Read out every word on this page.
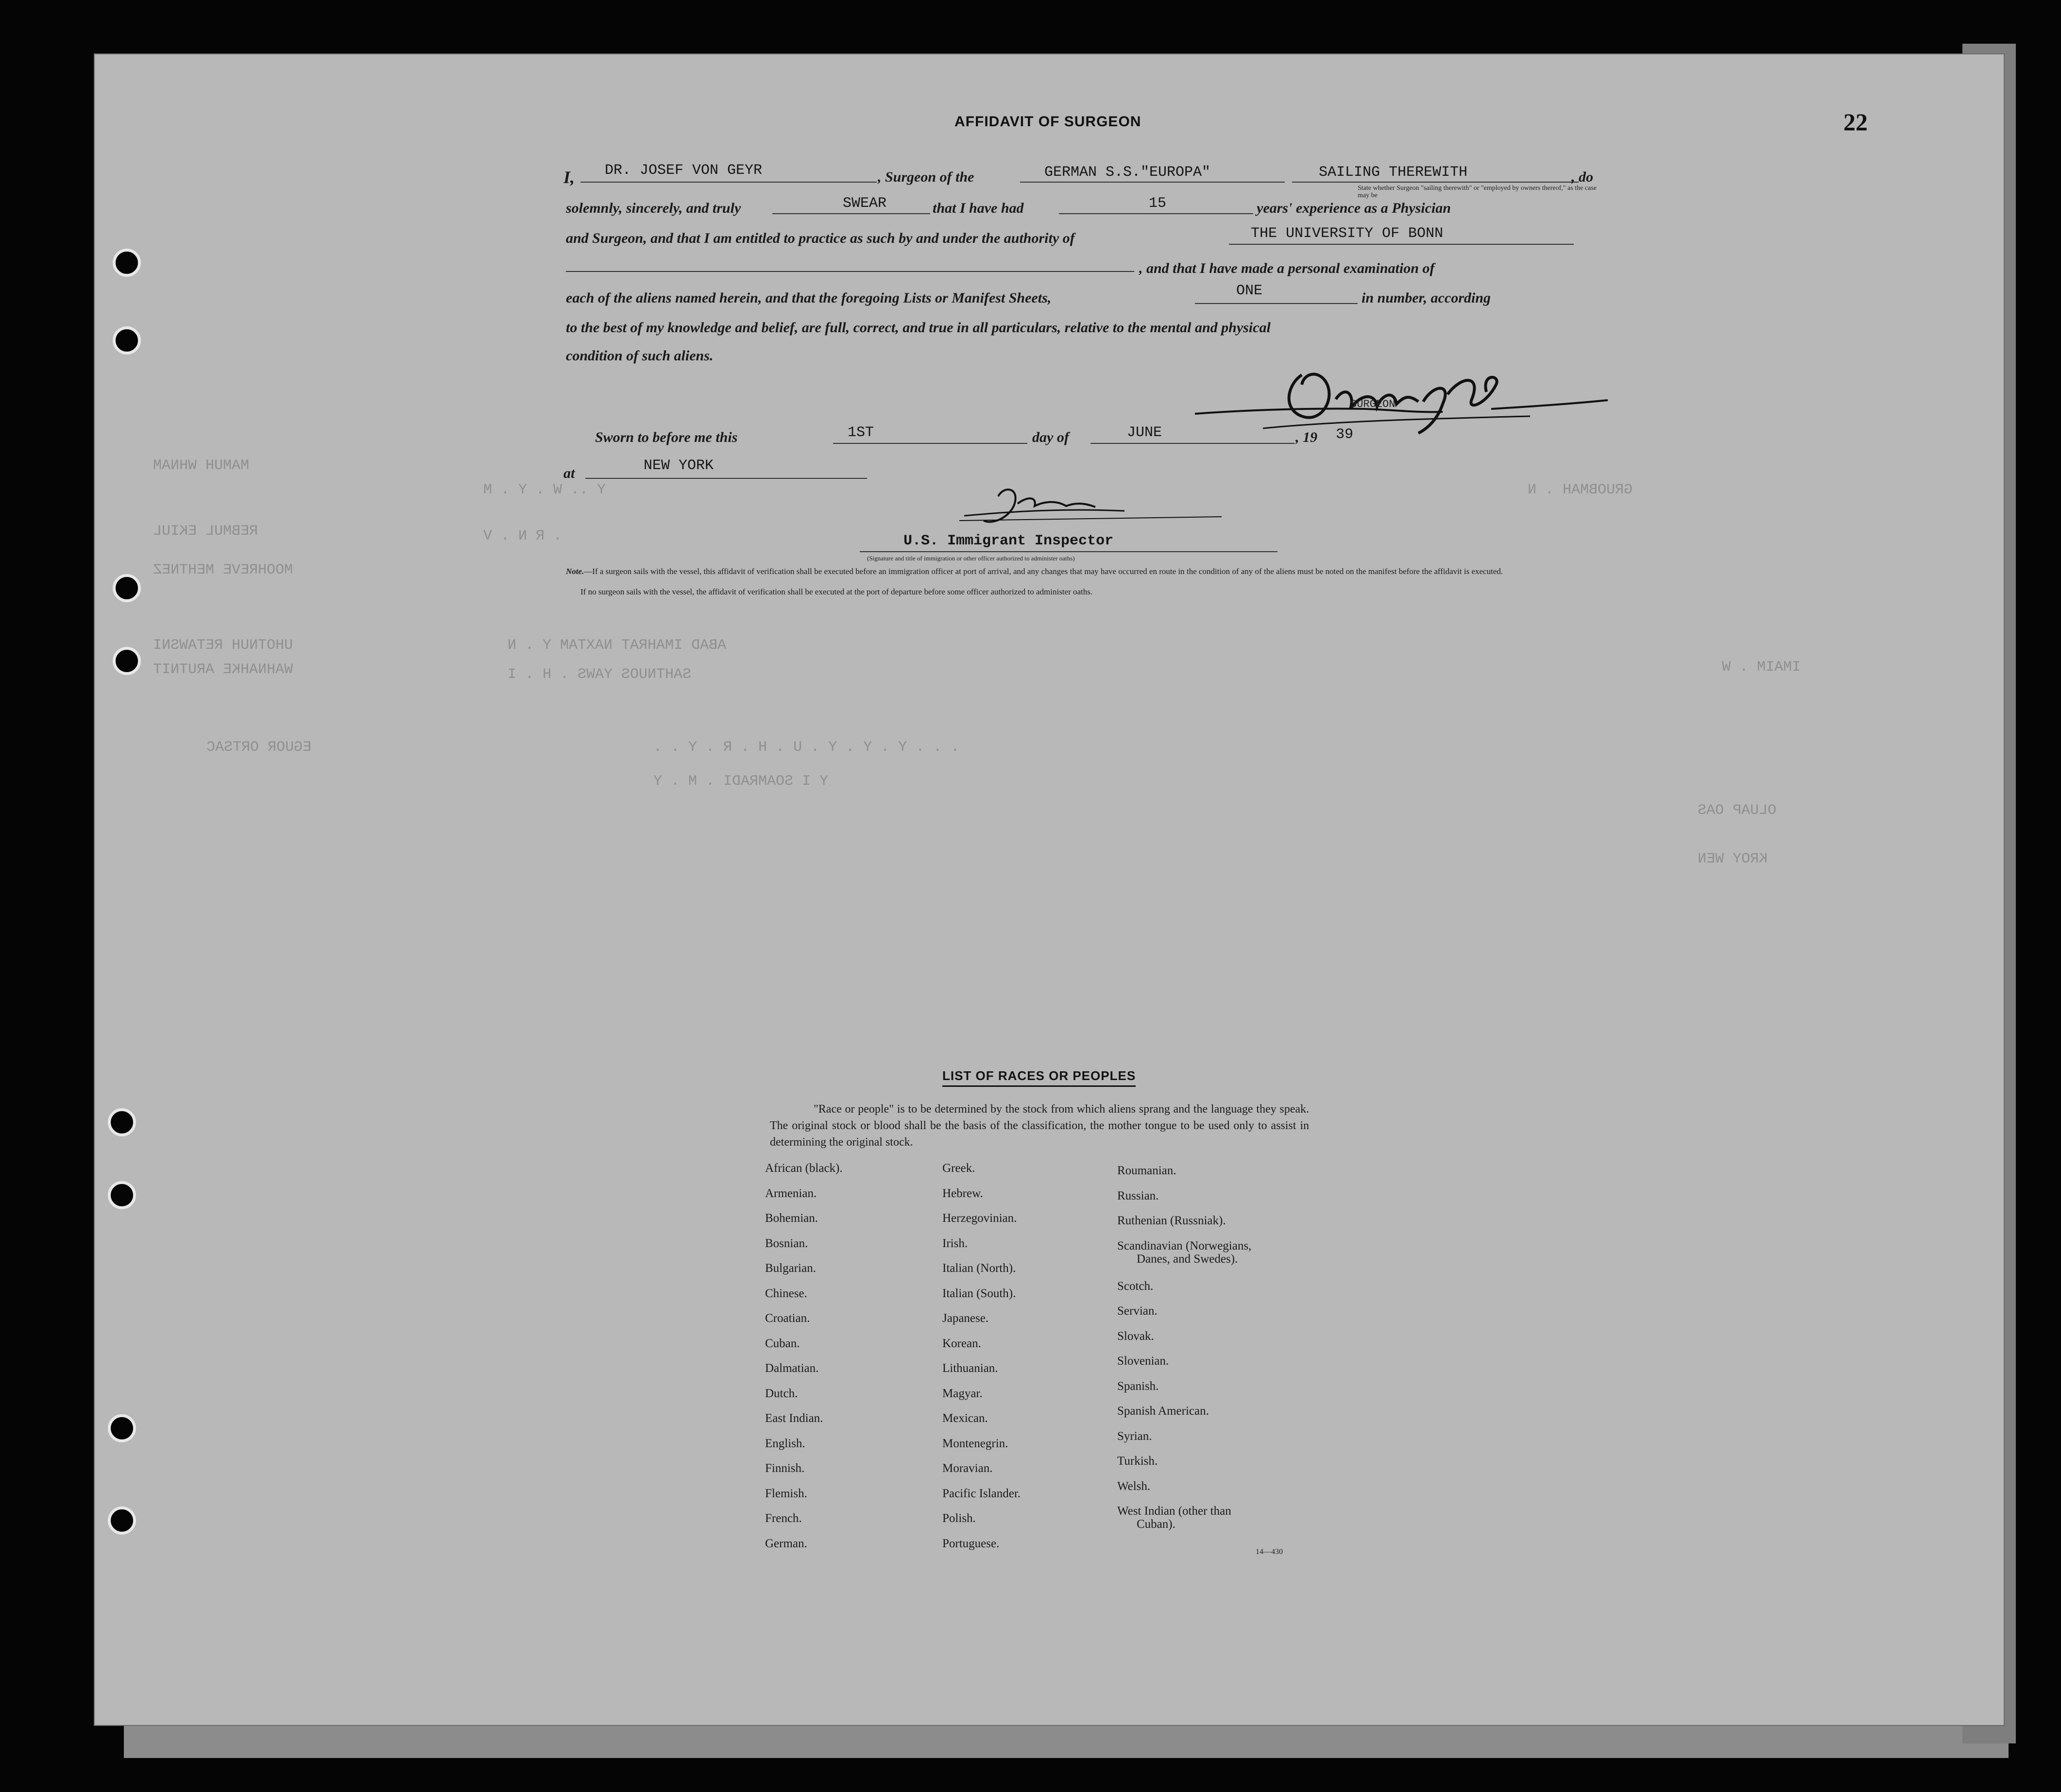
22
MAMUH WHNAM
REBMUL EKIUL
MOOHREVE MEHTNEZ
UHOTNUH RETAWSNI
WAHNAHKE ARUTNIT
EGUOR ORTSAC
Y .. W . Y . M
. R N . V
ABAD IMAHRAT NAXTAM Y . N
SAHTNUOS YAWS . H . I
. . . Y . Y . Y . U . H . R . Y . .
Y I SOAMRADI . M . Y
GRUOBMAH . N
IMAIM . W
OLUAP OAS
KROY WEN
AFFIDAVIT OF SURGEON
I, DR. JOSEF VON GEYR	, Surgeon of the	GERMAN S.S."EUROPA"	SAILING THEREWITH	, do
State whether Surgeon "sailing therewith" or "employed by owners thereof," as the case may be
solemnly, sincerely, and truly	SWEAR	that I have had	15	years' experience as a Physician
and Surgeon, and that I am entitled to practice as such by and under the authority of	THE UNIVERSITY OF BONN
, and that I have made a personal examination of
each of the aliens named herein, and that the foregoing Lists or Manifest Sheets,	ONE	in number, according
to the best of my knowledge and belief, are full, correct, and true in all particulars, relative to the mental and physical
condition of such aliens.
SURGEON
Sworn to before me this	1ST	day of	JUNE	, 19 39
at	NEW YORK
U.S. Immigrant Inspector
(Signature and title of immigration or other officer authorized to administer oaths)
Note.—If a surgeon sails with the vessel, this affidavit of verification shall be executed before an immigration officer at port of arrival, and any changes that may have occurred en route in the condition of any of the aliens must be noted on the manifest before the affidavit is executed.
If no surgeon sails with the vessel, the affidavit of verification shall be executed at the port of departure before some officer authorized to administer oaths.
LIST OF RACES OR PEOPLES
"Race or people" is to be determined by the stock from which aliens sprang and the language they speak. The original stock or blood shall be the basis of the classification, the mother tongue to be used only to assist in determining the original stock.
African (black).
Armenian.
Bohemian.
Bosnian.
Bulgarian.
Chinese.
Croatian.
Cuban.
Dalmatian.
Dutch.
East Indian.
English.
Finnish.
Flemish.
French.
German.
Greek.
Hebrew.
Herzegovinian.
Irish.
Italian (North).
Italian (South).
Japanese.
Korean.
Lithuanian.
Magyar.
Mexican.
Montenegrin.
Moravian.
Pacific Islander.
Polish.
Portuguese.
Roumanian.
Russian.
Ruthenian (Russniak).
Scandinavian (Norwegians,
Danes, and Swedes).
Scotch.
Servian.
Slovak.
Slovenian.
Spanish.
Spanish American.
Syrian.
Turkish.
Welsh.
West Indian (other than
Cuban).
14—430
